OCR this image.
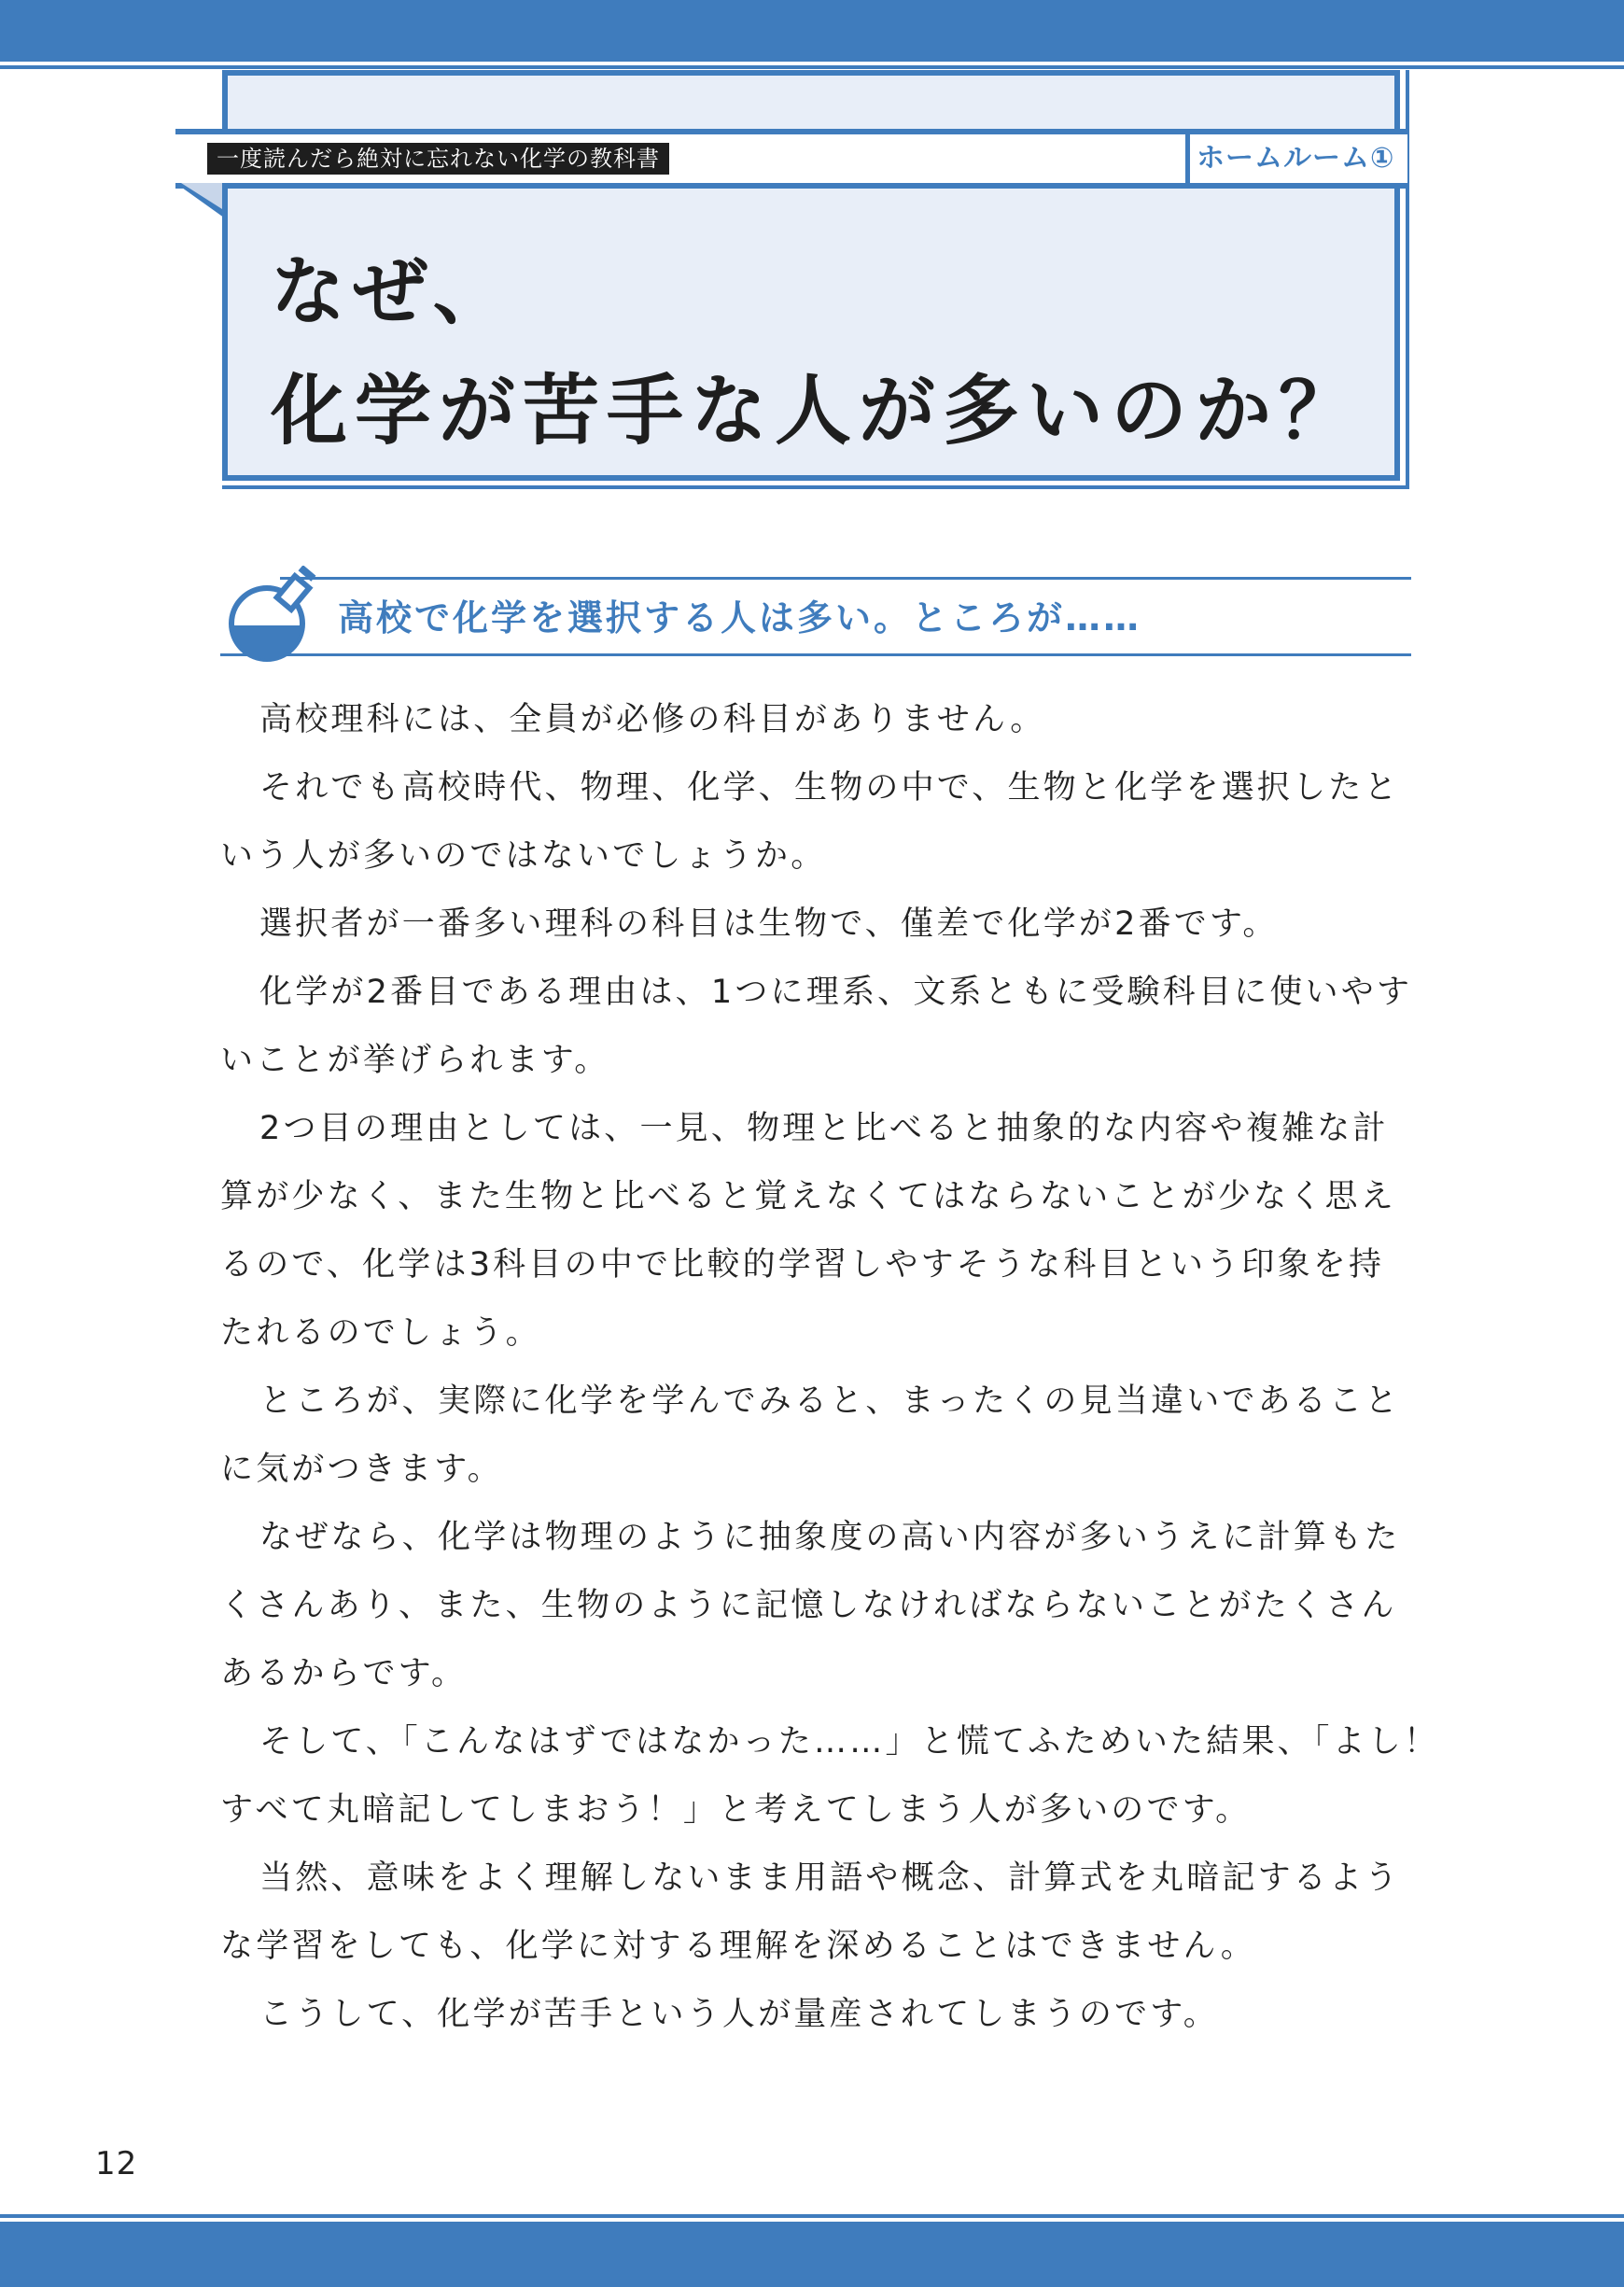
一度読んだら絶対に忘れない化学の教科書	ホームルーム①
なぜ、
化学が苦手な人が多いのか？
高校で化学を選択する人は多い。ところが……
高校理科には、全員が必修の科目がありません。
それでも高校時代、物理、化学、生物の中で、生物と化学を選択したと
いう人が多いのではないでしょうか。
選択者が一番多い理科の科目は生物で、僅差で化学が2番です。
化学が2番目である理由は、1つに理系、文系ともに受験科目に使いやす
いことが挙げられます。
2つ目の理由としては、一見、物理と比べると抽象的な内容や複雑な計
算が少なく、また生物と比べると覚えなくてはならないことが少なく思え
るので、化学は3科目の中で比較的学習しやすそうな科目という印象を持
たれるのでしょう。
ところが、実際に化学を学んでみると、まったくの見当違いであること
に気がつきます。
なぜなら、化学は物理のように抽象度の高い内容が多いうえに計算もた
くさんあり、また、生物のように記憶しなければならないことがたくさん
あるからです。
そして、「こんなはずではなかった……」と慌てふためいた結果、「よし！
すべて丸暗記してしまおう！」と考えてしまう人が多いのです。
当然、意味をよく理解しないまま用語や概念、計算式を丸暗記するよう
な学習をしても、化学に対する理解を深めることはできません。
こうして、化学が苦手という人が量産されてしまうのです。
12
